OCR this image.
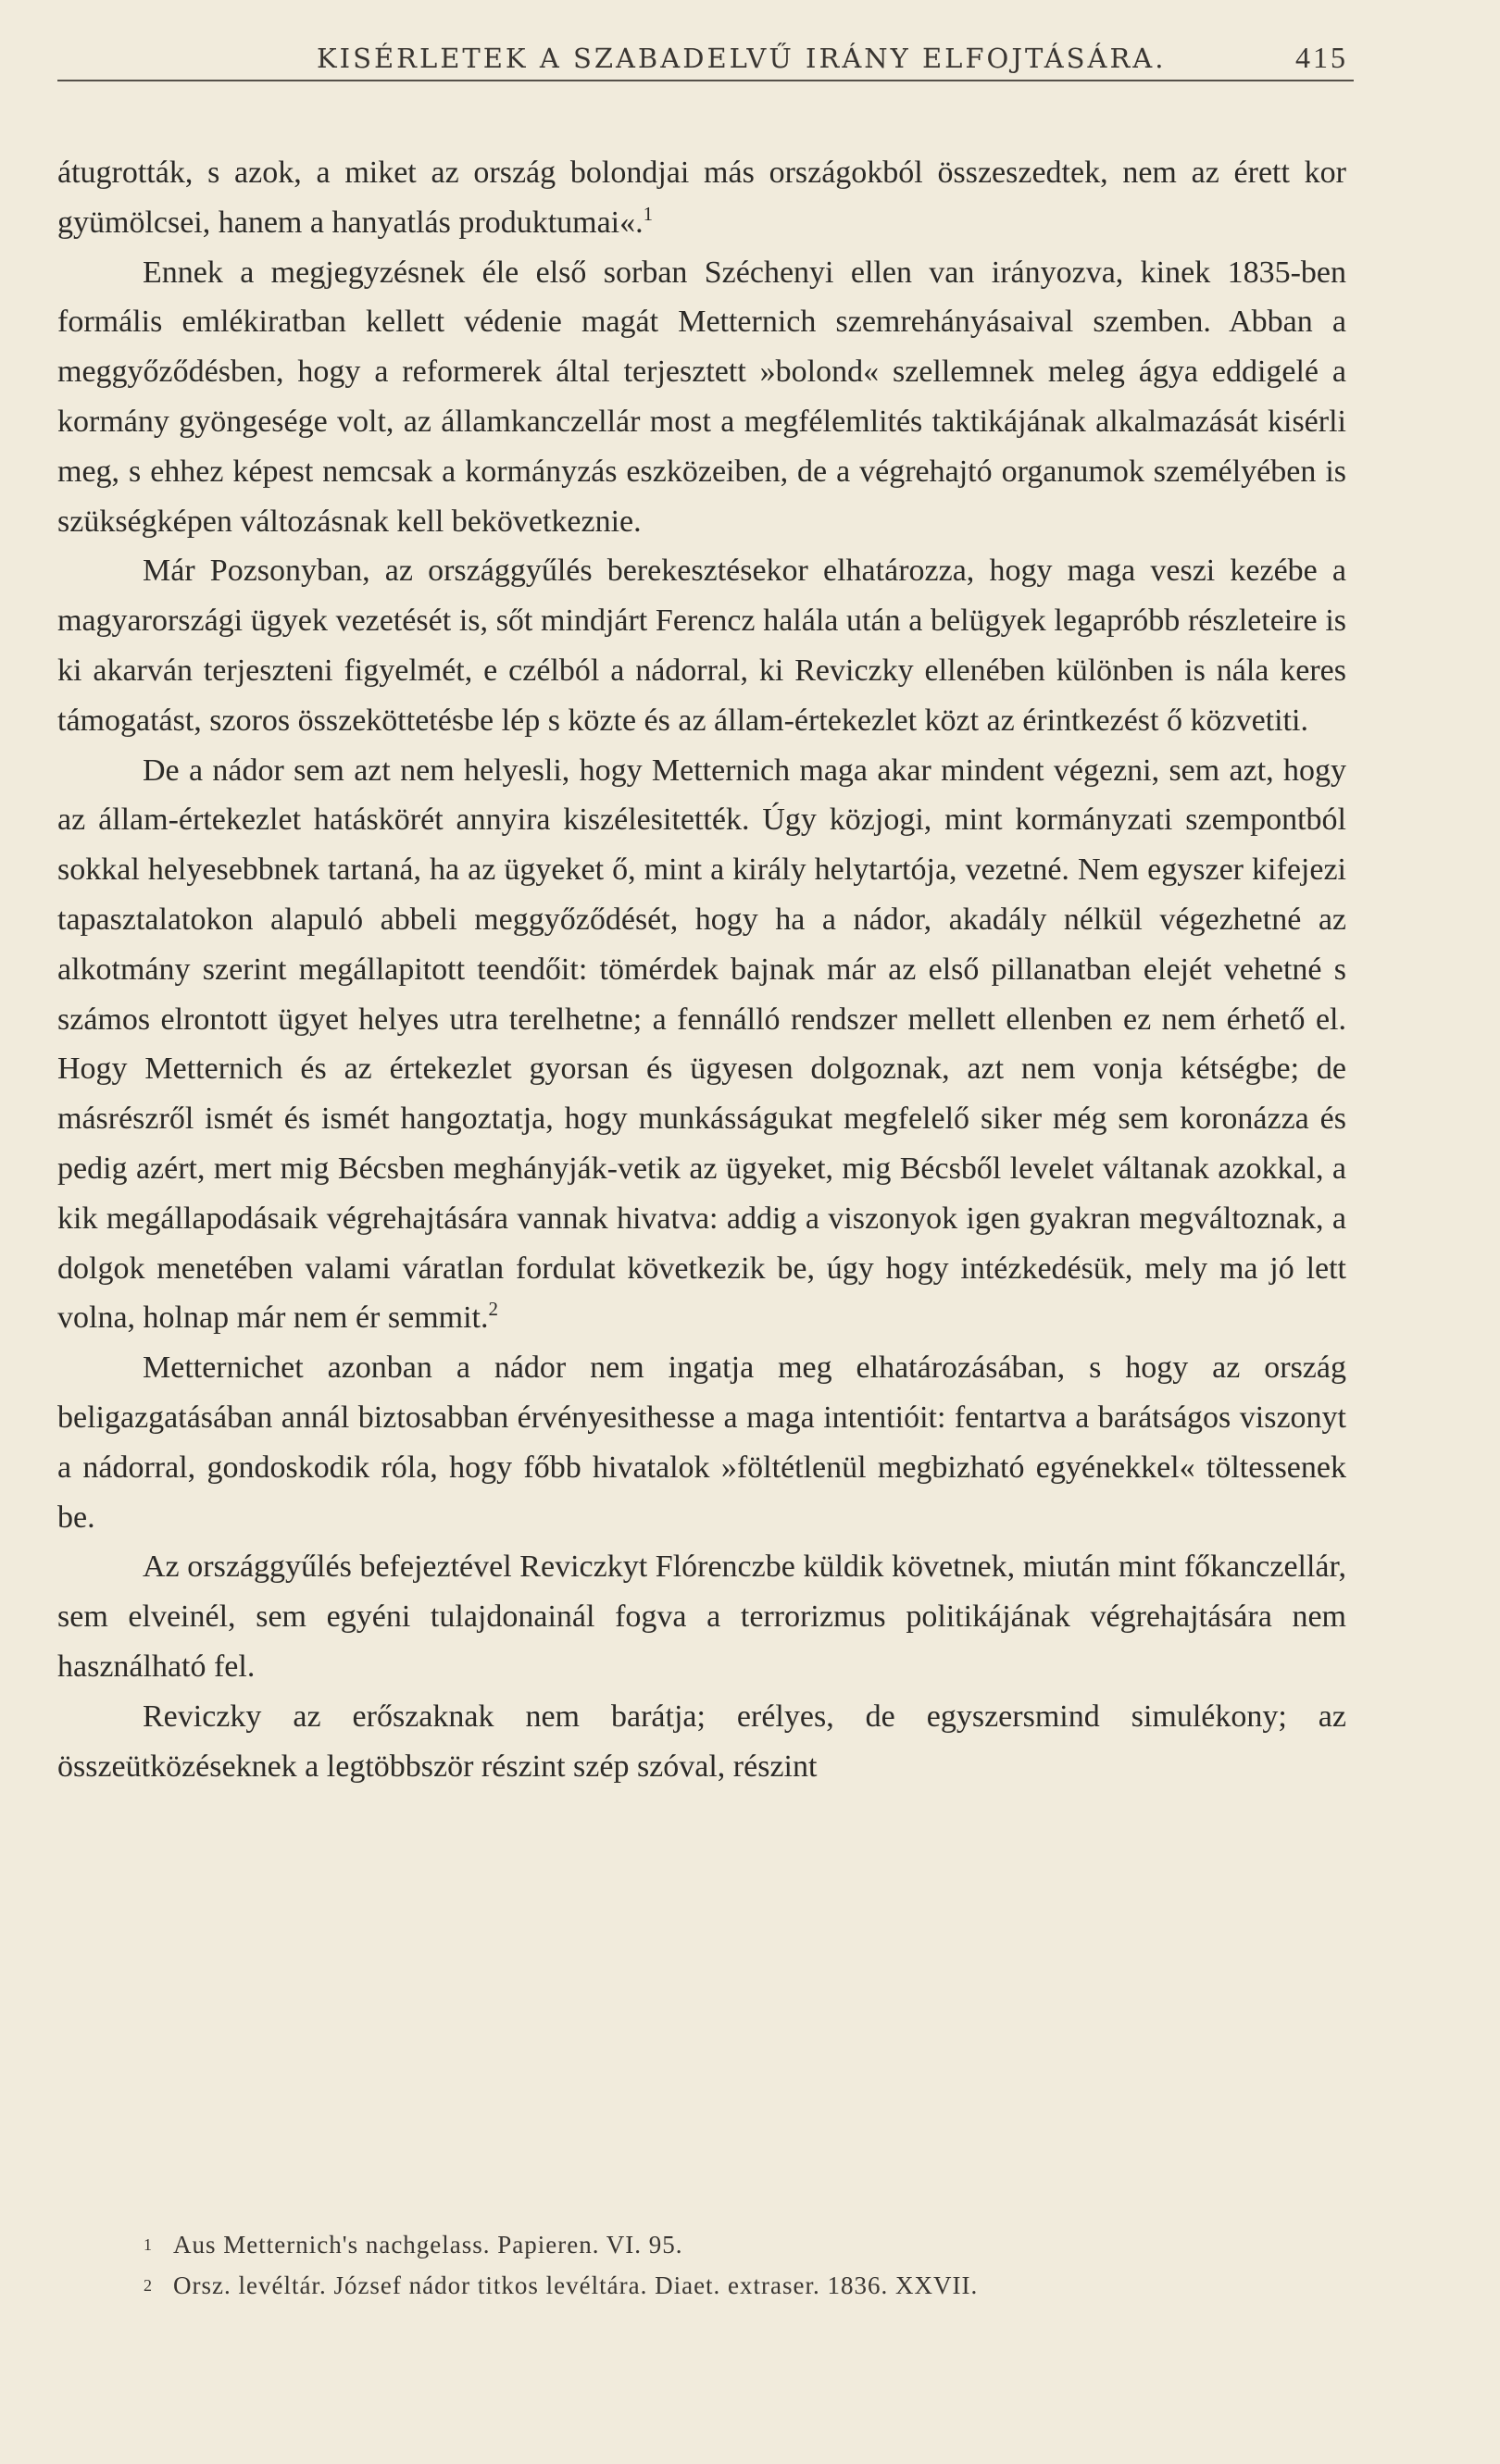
KISÉRLETEK A SZABADELVŰ IRÁNY ELFOJTÁSÁRA.	415

átugrották, s azok, a miket az ország bolondjai más országokból összeszedtek, nem az érett kor gyümölcsei, hanem a hanyatlás produktumai«.$^1$

Ennek a megjegyzésnek éle első sorban Széchenyi ellen van irányozva, kinek 1835-ben formális emlékiratban kellett védenie magát Metternich szemrehányásaival szemben. Abban a meggyőződésben, hogy a reformerek által terjesztett »bolond« szellemnek meleg ágya eddigelé a kormány gyöngesége volt, az államkanczellár most a megfélemlités taktikájának alkalmazását kisérli meg, s ehhez képest nemcsak a kormányzás eszközeiben, de a végrehajtó organumok személyében is szükségképen változásnak kell bekövetkeznie.

Már Pozsonyban, az országgyűlés berekesztésekor elhatározza, hogy maga veszi kezébe a magyarországi ügyek vezetését is, sőt mindjárt Ferencz halála után a belügyek legapróbb részleteire is ki akarván terjeszteni figyelmét, e czélból a nádorral, ki Reviczky ellenében különben is nála keres támogatást, szoros összeköttetésbe lép s közte és az állam-értekezlet közt az érintkezést ő közvetiti.

De a nádor sem azt nem helyesli, hogy Metternich maga akar mindent végezni, sem azt, hogy az állam-értekezlet hatáskörét annyira kiszélesitették. Úgy közjogi, mint kormányzati szempontból sokkal helyesebbnek tartaná, ha az ügyeket ő, mint a király helytartója, vezetné. Nem egyszer kifejezi tapasztalatokon alapuló abbeli meggyőződését, hogy ha a nádor, akadály nélkül végezhetné az alkotmány szerint megállapitott teendőit: tömérdek bajnak már az első pillanatban elejét vehetné s számos elrontott ügyet helyes utra terelhetne; a fennálló rendszer mellett ellenben ez nem érhető el. Hogy Metternich és az értekezlet gyorsan és ügyesen dolgoznak, azt nem vonja kétségbe; de másrészről ismét és ismét hangoztatja, hogy munkásságukat megfelelő siker még sem koronázza és pedig azért, mert mig Bécsben meghányják-vetik az ügyeket, mig Bécsből levelet váltanak azokkal, a kik megállapodásaik végrehajtására vannak hivatva: addig a viszonyok igen gyakran megváltoznak, a dolgok menetében valami váratlan fordulat következik be, úgy hogy intézkedésük, mely ma jó lett volna, holnap már nem ér semmit.$^2$

Metternichet azonban a nádor nem ingatja meg elhatározásában, s hogy az ország beligazgatásában annál biztosabban érvényesithesse a maga intentióit: fentartva a barátságos viszonyt a nádorral, gondoskodik róla, hogy főbb hivatalok »föltétlenül megbizható egyénekkel« töltessenek be.

Az országgyűlés befejeztével Reviczkyt Flórenczbe küldik követnek, miután mint főkanczellár, sem elveinél, sem egyéni tulajdonainál fogva a terrorizmus politikájának végrehajtására nem használható fel.

Reviczky az erőszaknak nem barátja; erélyes, de egyszersmind simulékony; az összeütközéseknek a legtöbbször részint szép szóval, részint

1 Aus Metternich's nachgelass. Papieren. VI. 95.
2 Orsz. levéltár. József nádor titkos levéltára. Diaet. extraser. 1836. XXVII.
